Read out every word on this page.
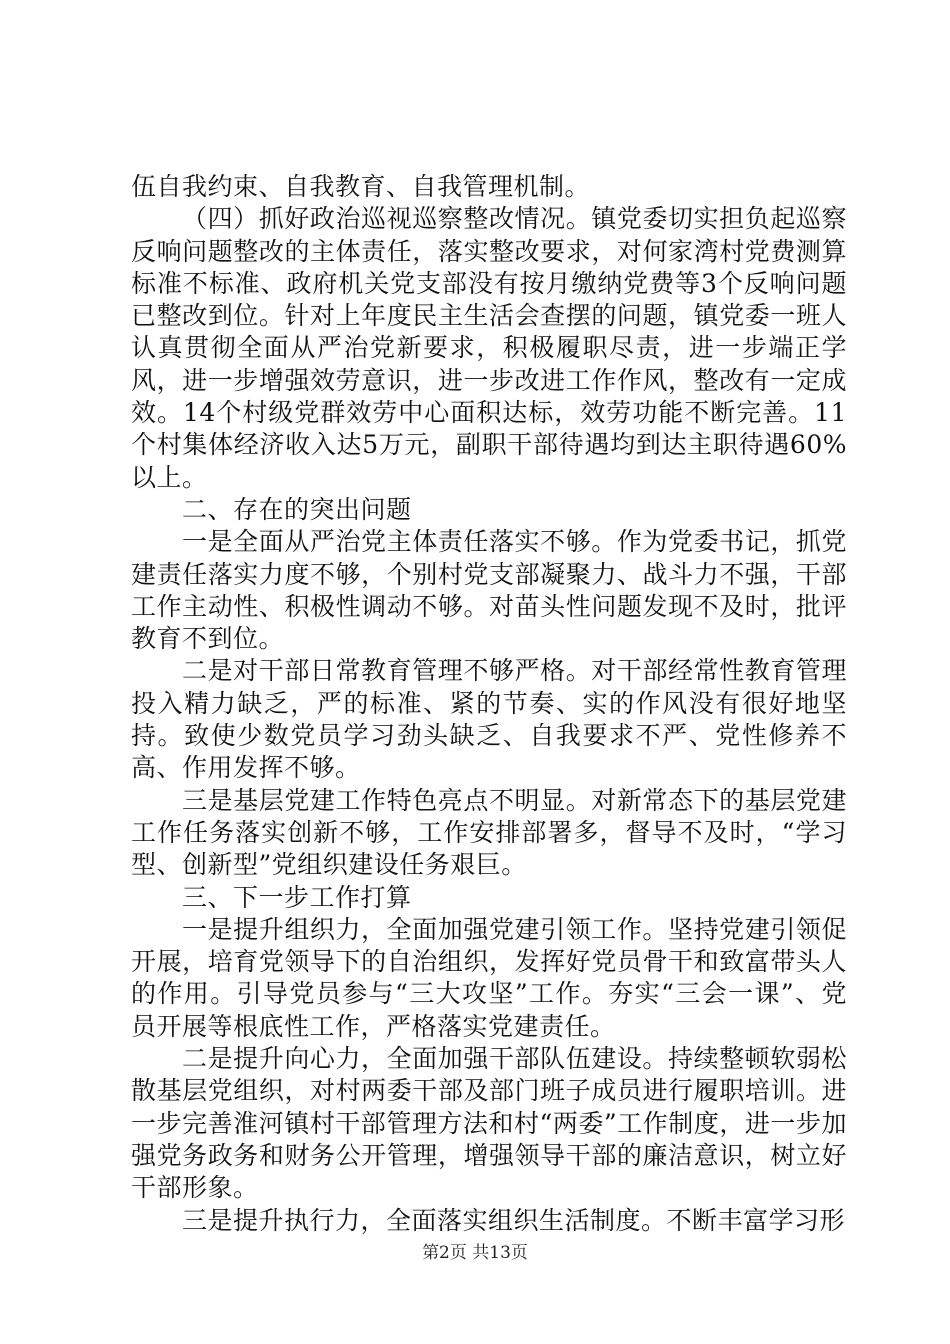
伍自我约束、自我教育、自我管理机制。

（四）抓好政治巡视巡察整改情况。镇党委切实担负起巡察反响问题整改的主体责任，落实整改要求，对何家湾村党费测算标准不标准、政府机关党支部没有按月缴纳党费等3个反响问题已整改到位。针对上年度民主生活会查摆的问题，镇党委一班人认真贯彻全面从严治党新要求，积极履职尽责，进一步端正学风，进一步增强效劳意识，进一步改进工作作风，整改有一定成效。14个村级党群效劳中心面积达标，效劳功能不断完善。11个村集体经济收入达5万元，副职干部待遇均到达主职待遇60%以上。

二、存在的突出问题

一是全面从严治党主体责任落实不够。作为党委书记，抓党建责任落实力度不够，个别村党支部凝聚力、战斗力不强，干部工作主动性、积极性调动不够。对苗头性问题发现不及时，批评教育不到位。

二是对干部日常教育管理不够严格。对干部经常性教育管理投入精力缺乏，严的标准、紧的节奏、实的作风没有很好地坚持。致使少数党员学习劲头缺乏、自我要求不严、党性修养不高、作用发挥不够。

三是基层党建工作特色亮点不明显。对新常态下的基层党建工作任务落实创新不够，工作安排部署多，督导不及时，“学习型、创新型”党组织建设任务艰巨。

三、下一步工作打算

一是提升组织力，全面加强党建引领工作。坚持党建引领促开展，培育党领导下的自治组织，发挥好党员骨干和致富带头人的作用。引导党员参与“三大攻坚”工作。夯实“三会一课”、党员开展等根底性工作，严格落实党建责任。

二是提升向心力，全面加强干部队伍建设。持续整顿软弱松散基层党组织，对村两委干部及部门班子成员进行履职培训。进一步完善淮河镇村干部管理方法和村“两委”工作制度，进一步加强党务政务和财务公开管理，增强领导干部的廉洁意识，树立好干部形象。

三是提升执行力，全面落实组织生活制度。不断丰富学习形

第2页 共13页
